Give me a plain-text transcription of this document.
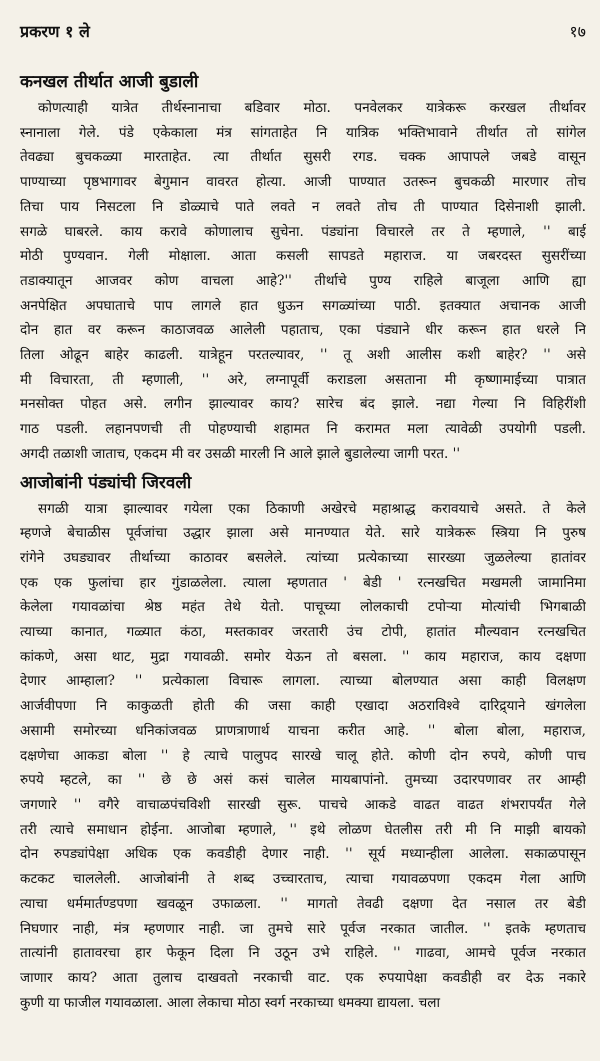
प्रकरण १ ले	१७
कनखल तीर्थात आजी बुडाली
कोणत्याही यात्रेत तीर्थस्नानाचा बडिवार मोठा. पनवेलकर यात्रेकरू करखल तीर्थावर
स्नानाला गेले. पंडे एकेकाला मंत्र सांगताहेत नि यात्रिक भक्तिभावाने तीर्थात तो सांगेल
तेवढ्या बुचकळ्या मारताहेत. त्या तीर्थात सुसरी रगड. चक्क आपापले जबडे वासून
पाण्याच्या पृष्ठभागावर बेगुमान वावरत होत्या. आजी पाण्यात उतरून बुचकळी मारणार तोच
तिचा पाय निसटला नि डोळ्याचे पाते लवते न लवते तोच ती पाण्यात दिसेनाशी झाली.
सगळे घाबरले. काय करावे कोणालाच सुचेना. पंड्यांना विचारले तर ते म्हणाले, '' बाई
मोठी पुण्यवान. गेली मोक्षाला. आता कसली सापडते महाराज. या जबरदस्त सुसरींच्या
तडाक्यातून आजवर कोण वाचला आहे?'' तीर्थाचे पुण्य राहिले बाजूला आणि ह्या
अनपेक्षित अपघाताचे पाप लागले हात धुऊन सगळ्यांच्या पाठी. इतक्यात अचानक आजी
दोन हात वर करून काठाजवळ आलेली पहाताच, एका पंड्याने धीर करून हात धरले नि
तिला ओढून बाहेर काढली. यात्रेहून परतल्यावर, '' तू अशी आलीस कशी बाहेर? '' असे
मी विचारता, ती म्हणाली, '' अरे, लग्नापूर्वी कराडला असताना मी कृष्णामाईच्या पात्रात
मनसोक्त पोहत असे. लगीन झाल्यावर काय? सारेच बंद झाले. नद्या गेल्या नि विहिरींशी
गाठ पडली. लहानपणची ती पोहण्याची शहामत नि करामत मला त्यावेळी उपयोगी पडली.
अगदी तळाशी जाताच, एकदम मी वर उसळी मारली नि आले झाले बुडालेल्या जागी परत. ''
आजोबांनी पंड्यांची जिरवली
सगळी यात्रा झाल्यावर गयेला एका ठिकाणी अखेरचे महाश्राद्ध करावयाचे असते. ते केले
म्हणजे बेचाळीस पूर्वजांचा उद्धार झाला असे मानण्यात येते. सारे यात्रेकरू स्त्रिया नि पुरुष
रांगेने उघड्यावर तीर्थाच्या काठावर बसलेले. त्यांच्या प्रत्येकाच्या सारख्या जुळलेल्या हातांवर
एक एक फुलांचा हार गुंडाळलेला. त्याला म्हणतात ' बेडी ' रत्नखचित मखमली जामानिमा
केलेला गयावळांचा श्रेष्ठ महंत तेथे येतो. पाचूच्या लोलकाची टपोऱ्या मोत्यांची भिगबाळी
त्याच्या कानात, गळ्यात कंठा, मस्तकावर जरतारी उंच टोपी, हातांत मौल्यवान रत्नखचित
कांकणे, असा थाट, मुद्रा गयावळी. समोर येऊन तो बसला. '' काय महाराज, काय दक्षणा
देणार आम्हाला? '' प्रत्येकाला विचारू लागला. त्याच्या बोलण्यात असा काही विलक्षण
आर्जवीपणा नि काकुळती होती की जसा काही एखादा अठराविश्वे दारिद्र्याने खंगलेला
असामी समोरच्या धनिकांजवळ प्राणत्राणार्थ याचना करीत आहे. '' बोला बोला, महाराज,
दक्षणेचा आकडा बोला '' हे त्याचे पालुपद सारखे चालू होते. कोणी दोन रुपये, कोणी पाच
रुपये म्हटले, का '' छे छे असं कसं चालेल मायबापांनो. तुमच्या उदारपणावर तर आम्ही
जगणारे '' वगैरे वाचाळपंचविशी सारखी सुरू. पाचचे आकडे वाढत वाढत शंभरापर्यंत गेले
तरी त्याचे समाधान होईना. आजोबा म्हणाले, '' इथे लोळण घेतलीस तरी मी नि माझी बायको
दोन रुपड्यांपेक्षा अधिक एक कवडीही देणार नाही. '' सूर्य मध्यान्हीला आलेला. सकाळपासून
कटकट चाललेली. आजोबांनी ते शब्द उच्चारताच, त्याचा गयावळपणा एकदम गेला आणि
त्याचा धर्ममार्तण्डपणा खवळून उफाळला. '' मागतो तेवढी दक्षणा देत नसाल तर बेडी
निघणार नाही, मंत्र म्हणणार नाही. जा तुमचे सारे पूर्वज नरकात जातील. '' इतके म्हणताच
तात्यांनी हातावरचा हार फेकून दिला नि उठून उभे राहिले. '' गाढवा, आमचे पूर्वज नरकात
जाणार काय? आता तुलाच दाखवतो नरकाची वाट. एक रुपयापेक्षा कवडीही वर देऊ नकारे
कुणी या फाजील गयावळाला. आला लेकाचा मोठा स्वर्ग नरकाच्या धमक्या द्यायला. चला
